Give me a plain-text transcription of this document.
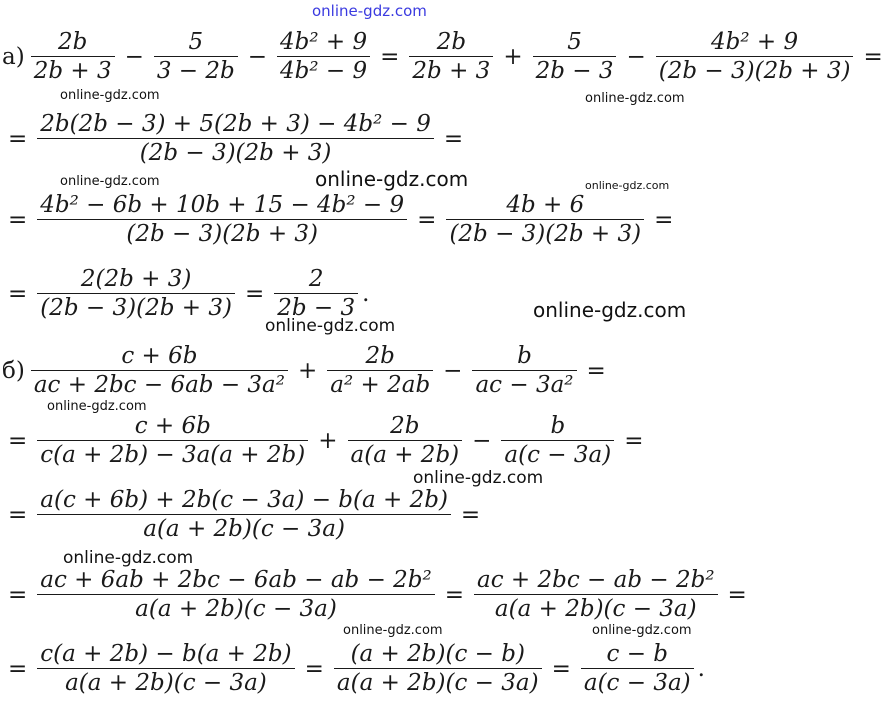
online-gdz.com
$a) \frac{2b}{2b + 3} - \frac{5}{3 - 2b} - \frac{\text{4b² + 9}}{\text{4b² − 9}} = \frac{2b}{2b + 3} + \frac{5}{2b - 3} - \frac{\text{4b² + 9}}{(2b - 3)(2b + 3)}$ =
= $\frac{\text{2b(2b − 3) + 5(2b + 3) − 4b² − 9}}{(2b - 3)(2b + 3)}$ =
= $\frac{\text{4b² − 6b + 10b + 15 − 4b² − 9}}{(2b - 3)(2b + 3)} = \frac{4b + 6}{(2b - 3)(2b + 3)}$ =
= $\frac{2(2b + 3)}{(2b - 3)(2b + 3)} = \frac{2}{2b - 3}$ .
$б) \frac{c + 6b}{\text{ac + 2bc − 6ab − 3a²}} + \frac{2b}{\text{a² + 2ab}} - \frac{b}{\text{ac − 3a²}}$ =
= $\frac{c + 6b}{c(a + 2b) - 3a(a + 2b)} + \frac{2b}{a(a + 2b)} - \frac{b}{a(c - 3a)}$ =
= $\frac{a(c + 6b) + 2b(c - 3a) - b(a + 2b)}{a(a + 2b)(c - 3a)}$ =
= $\frac{\text{ac + 6ab + 2bc − 6ab − ab − 2b²}}{a(a + 2b)(c - 3a)} = \frac{\text{ac + 2bc − ab − 2b²}}{a(a + 2b)(c - 3a)}$ =
= $\frac{c(a + 2b) - b(a + 2b)}{a(a + 2b)(c - 3a)} = \frac{(a + 2b)(c - b)}{a(a + 2b)(c - 3a)} = \frac{c - b}{a(c - 3a)}$ .
online-gdz.com	online-gdz.com
online-gdz.com	online-gdz.com	online-gdz.com
online-gdz.com
online-gdz.com
online-gdz.com
online-gdz.com
online-gdz.com
online-gdz.com	online-gdz.com
